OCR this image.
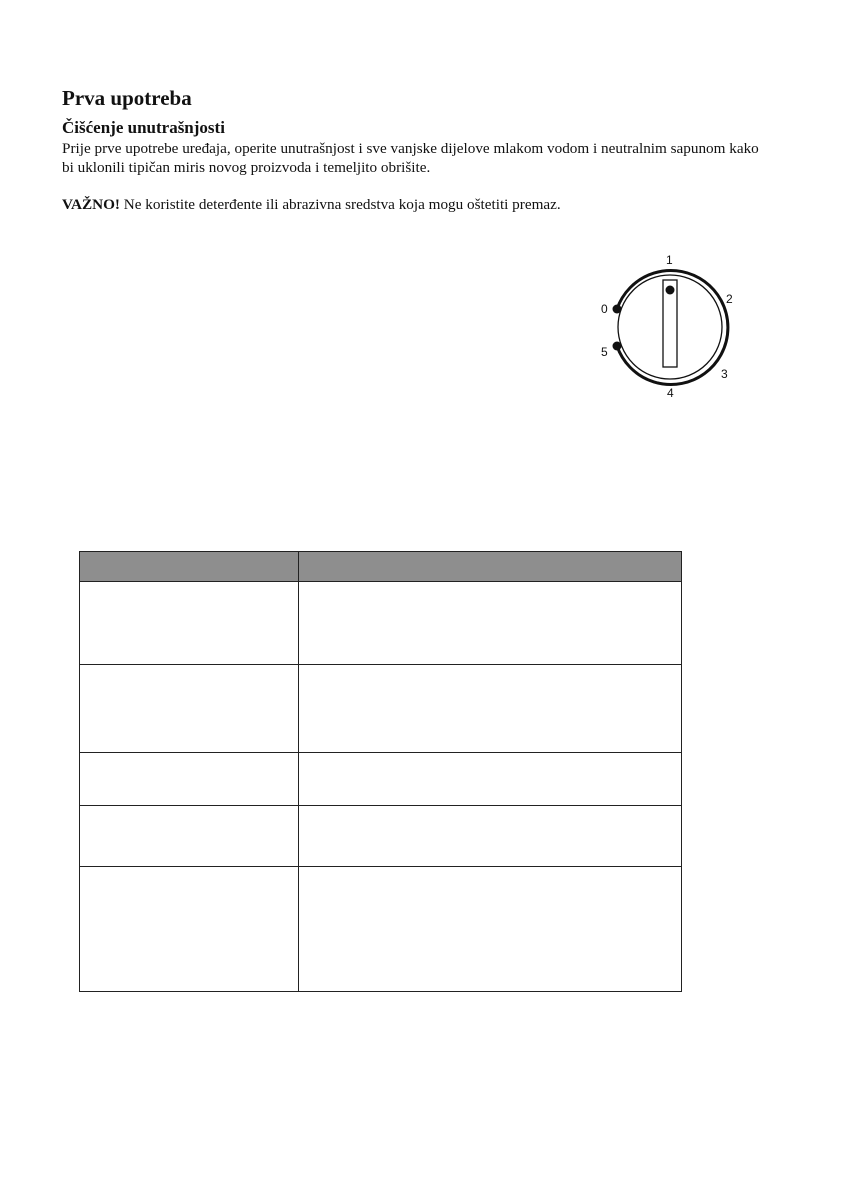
Prva upotreba
Čišćenje unutrašnjosti

Prije prve upotrebe uređaja, operite unutrašnjost i sve vanjske dijelove mlakom vodom i neutralnim sapunom kako bi uklonili tipičan miris novog proizvoda i temeljito obrišite.

VAŽNO! Ne koristite deterđente ili abrazivna sredstva koja mogu oštetiti premaz.

0
1
2
3
4
5
